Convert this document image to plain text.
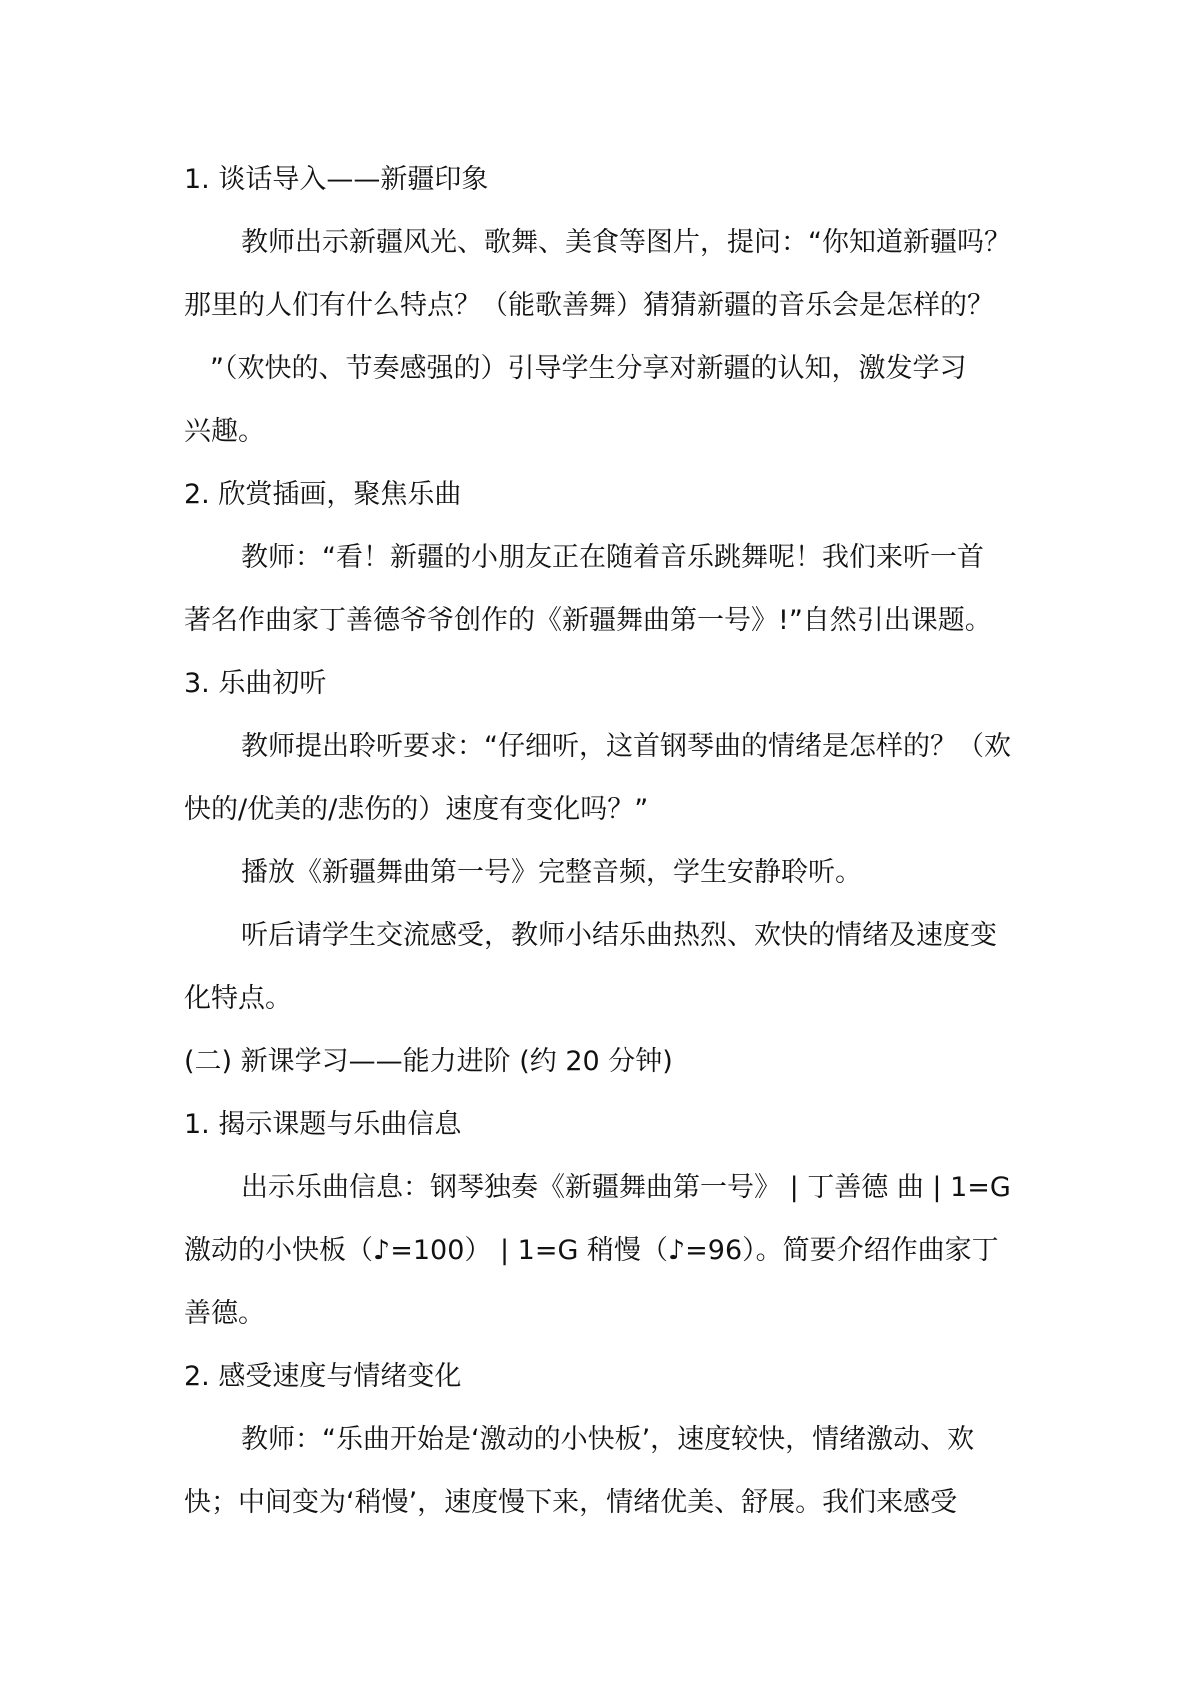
1. 谈话导入——新疆印象
教师出示新疆风光、歌舞、美食等图片，提问：“你知道新疆吗？
那里的人们有什么特点？（能歌善舞）猜猜新疆的音乐会是怎样的？
”（欢快的、节奏感强的）引导学生分享对新疆的认知，激发学习
兴趣。
2. 欣赏插画，聚焦乐曲
教师：“看！新疆的小朋友正在随着音乐跳舞呢！我们来听一首
著名作曲家丁善德爷爷创作的《新疆舞曲第一号》!”自然引出课题。
3. 乐曲初听
教师提出聆听要求：“仔细听，这首钢琴曲的情绪是怎样的？（欢
快的/优美的/悲伤的）速度有变化吗？”
播放《新疆舞曲第一号》完整音频，学生安静聆听。
听后请学生交流感受，教师小结乐曲热烈、欢快的情绪及速度变
化特点。
(二) 新课学习——能力进阶 (约 20 分钟)
1. 揭示课题与乐曲信息
出示乐曲信息：钢琴独奏《新疆舞曲第一号》 | 丁善德 曲 | 1=G
激动的小快板（♪=100） | 1=G 稍慢（♪=96）。简要介绍作曲家丁
善德。
2. 感受速度与情绪变化
教师：“乐曲开始是‘激动的小快板’，速度较快，情绪激动、欢
快；中间变为‘稍慢’，速度慢下来，情绪优美、舒展。我们来感受
